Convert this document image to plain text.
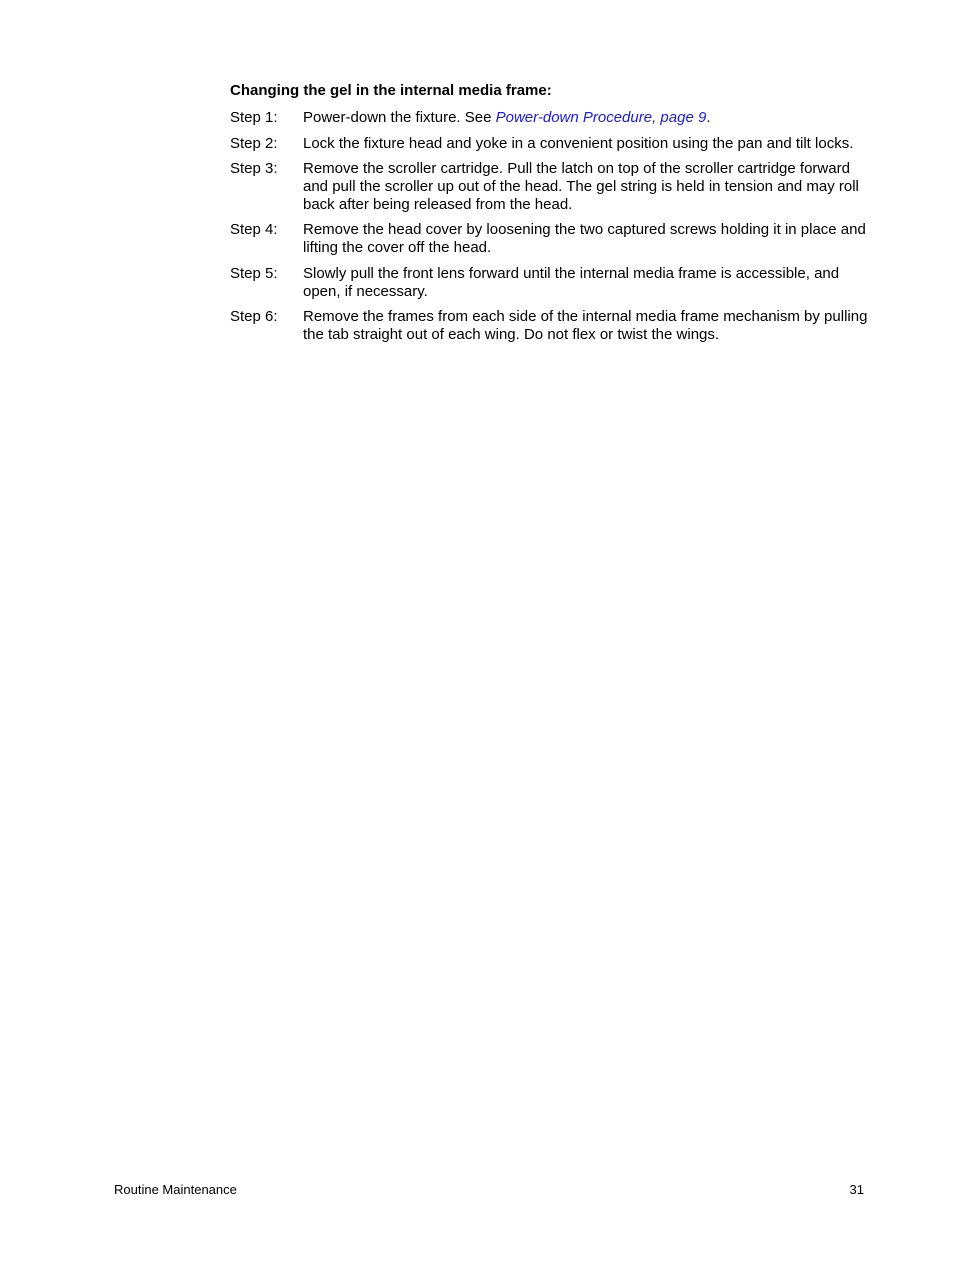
Changing the gel in the internal media frame:
Step 1:	Power-down the fixture. See Power-down Procedure, page 9.
Step 2:	Lock the fixture head and yoke in a convenient position using the pan and tilt locks.
Step 3:	Remove the scroller cartridge. Pull the latch on top of the scroller cartridge forward and pull the scroller up out of the head. The gel string is held in tension and may roll back after being released from the head.
Step 4:	Remove the head cover by loosening the two captured screws holding it in place and lifting the cover off the head.
Step 5:	Slowly pull the front lens forward until the internal media frame is accessible, and open, if necessary.
Step 6:	Remove the frames from each side of the internal media frame mechanism by pulling the tab straight out of each wing. Do not flex or twist the wings.
Routine Maintenance	31
